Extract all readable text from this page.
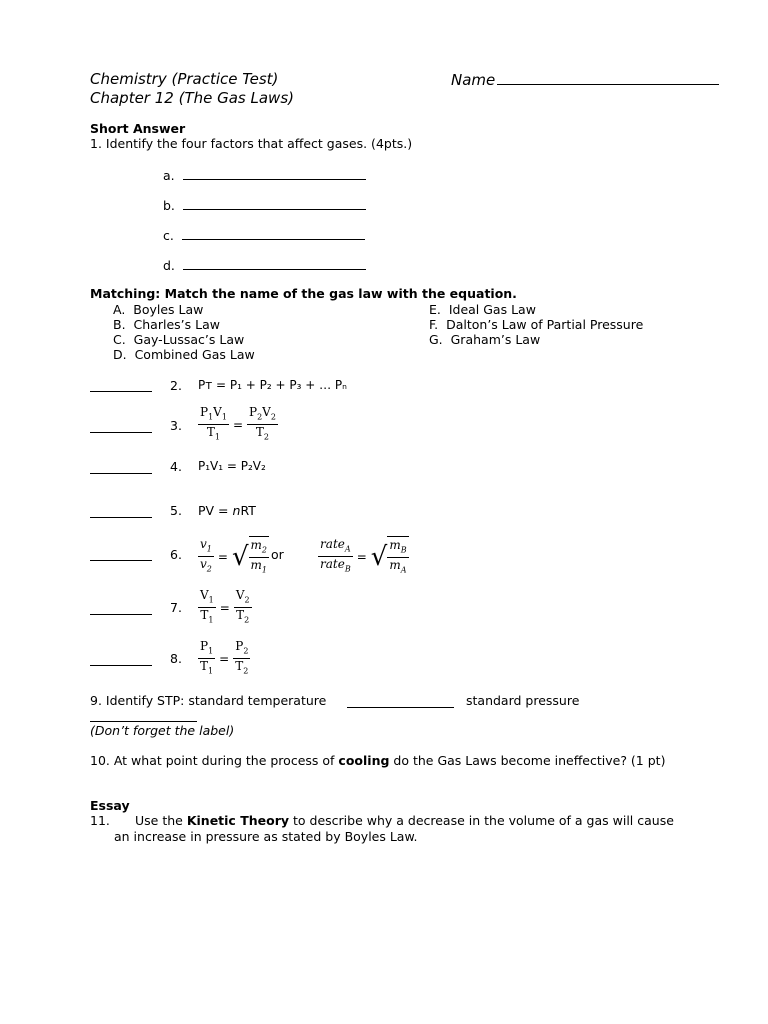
Chemistry (Practice Test)
Chapter 12 (The Gas Laws)
Name
Short Answer
1. Identify the four factors that affect gases. (4pts.)
a.
b.
c.
d.
Matching: Match the name of the gas law with the equation.
A. Boyles Law
B. Charles’s Law
C. Gay-Lussac’s Law
D. Combined Gas Law
E. Ideal Gas Law
F. Dalton’s Law of Partial Pressure
G. Graham’s Law
2. Pᴛ = P₁ + P₂ + P₃ + … Pₙ
3. $\frac{P_1V_1}{T_1} = \frac{P_2V_2}{T_2}$
4. P₁V₁ = P₂V₂
5. PV = nRT
6. $\frac{v_1}{v_2}$ = √ $\frac{m_2}{m_1}$ or	$\frac{rate_A}{rate_B}$ = √ $\frac{m_B}{m_A}$
7. $\frac{V_1}{T_1} = \frac{V_2}{T_2}$
8. $\frac{P_1}{T_1} = \frac{P_2}{T_2}$
9. Identify STP: standard temperature	standard pressure
(Don’t forget the label)
10. At what point during the process of cooling do the Gas Laws become ineffective? (1 pt)
Essay
11. Use the Kinetic Theory to describe why a decrease in the volume of a gas will cause
an increase in pressure as stated by Boyles Law.
